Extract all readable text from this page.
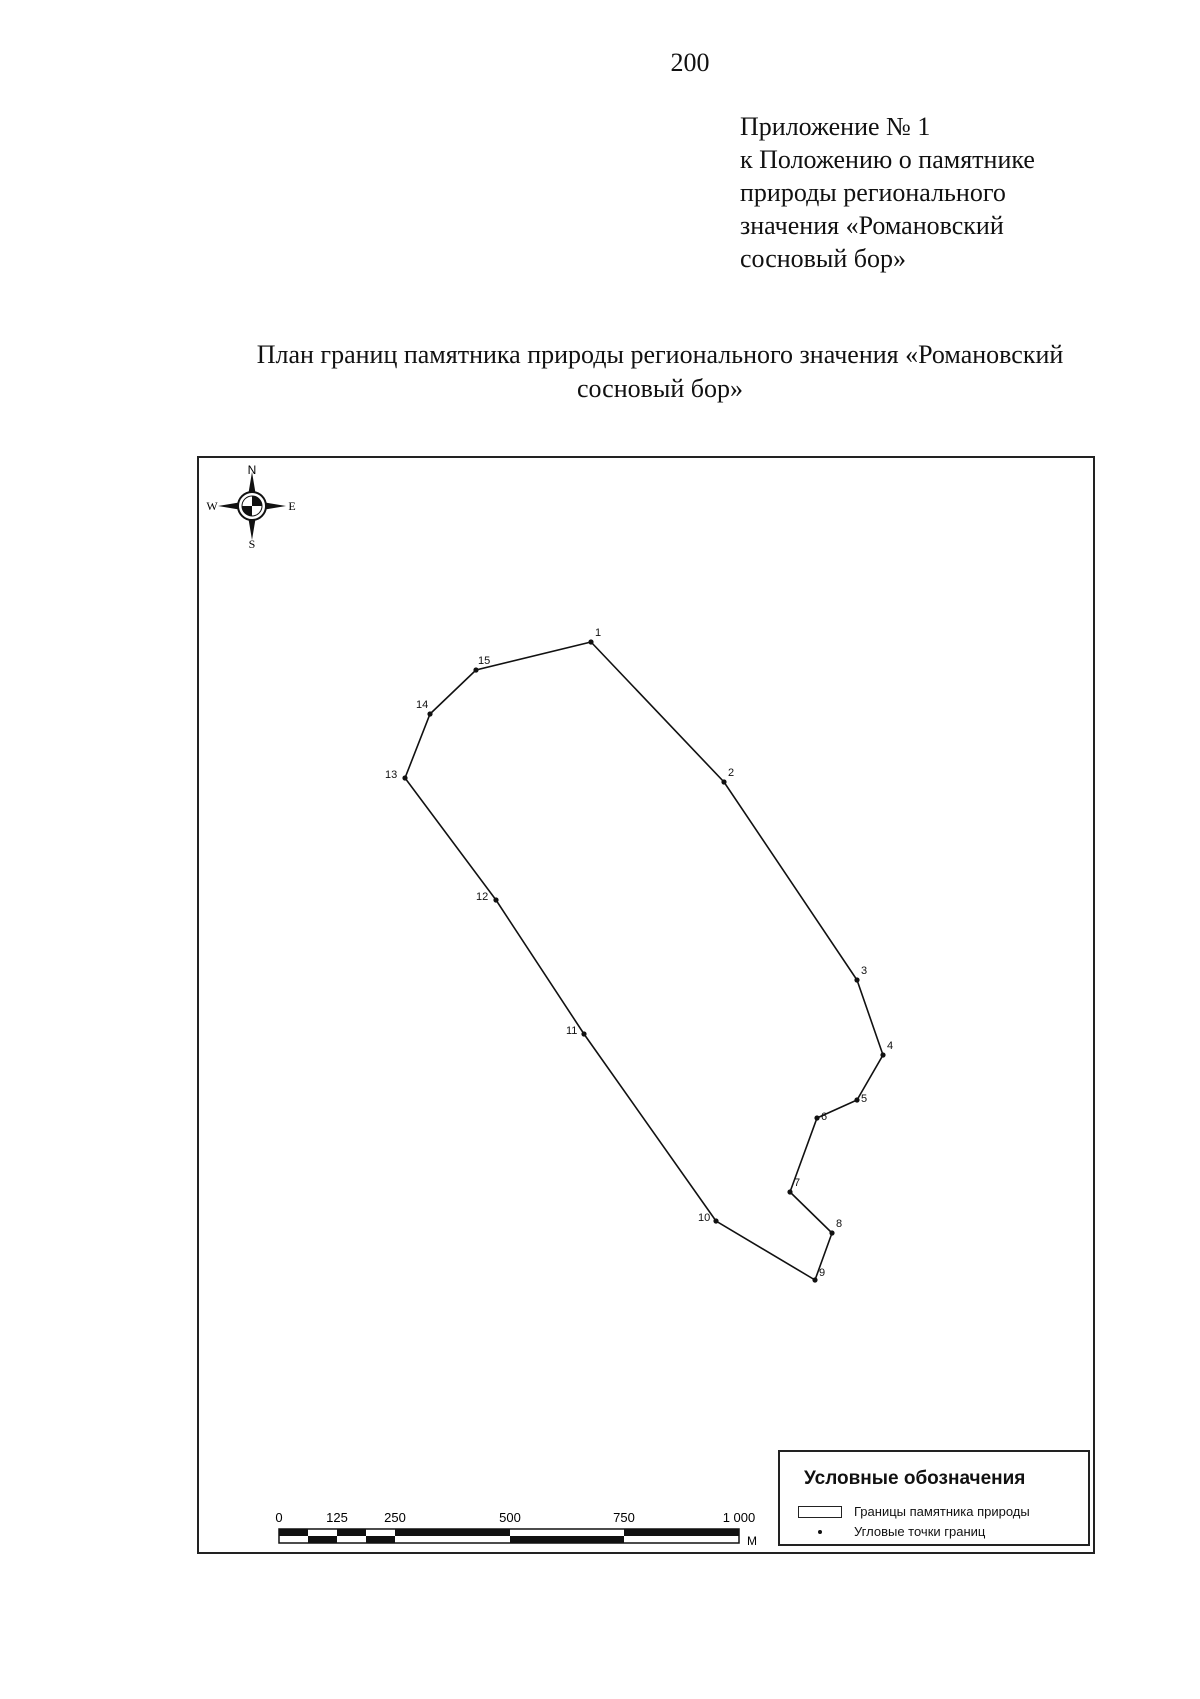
200
Приложение № 1
к Положению о памятнике
природы регионального
значения «Романовский
сосновый бор»
План границ памятника природы регионального значения «Романовский
сосновый бор»
N
S
E
W
1
2
3
4
5
6
7
8
9
10
11
12
13
14
15
0	125	250	500	750	1 000
М
Условные обозначения
Границы памятника природы
Угловые точки границ
